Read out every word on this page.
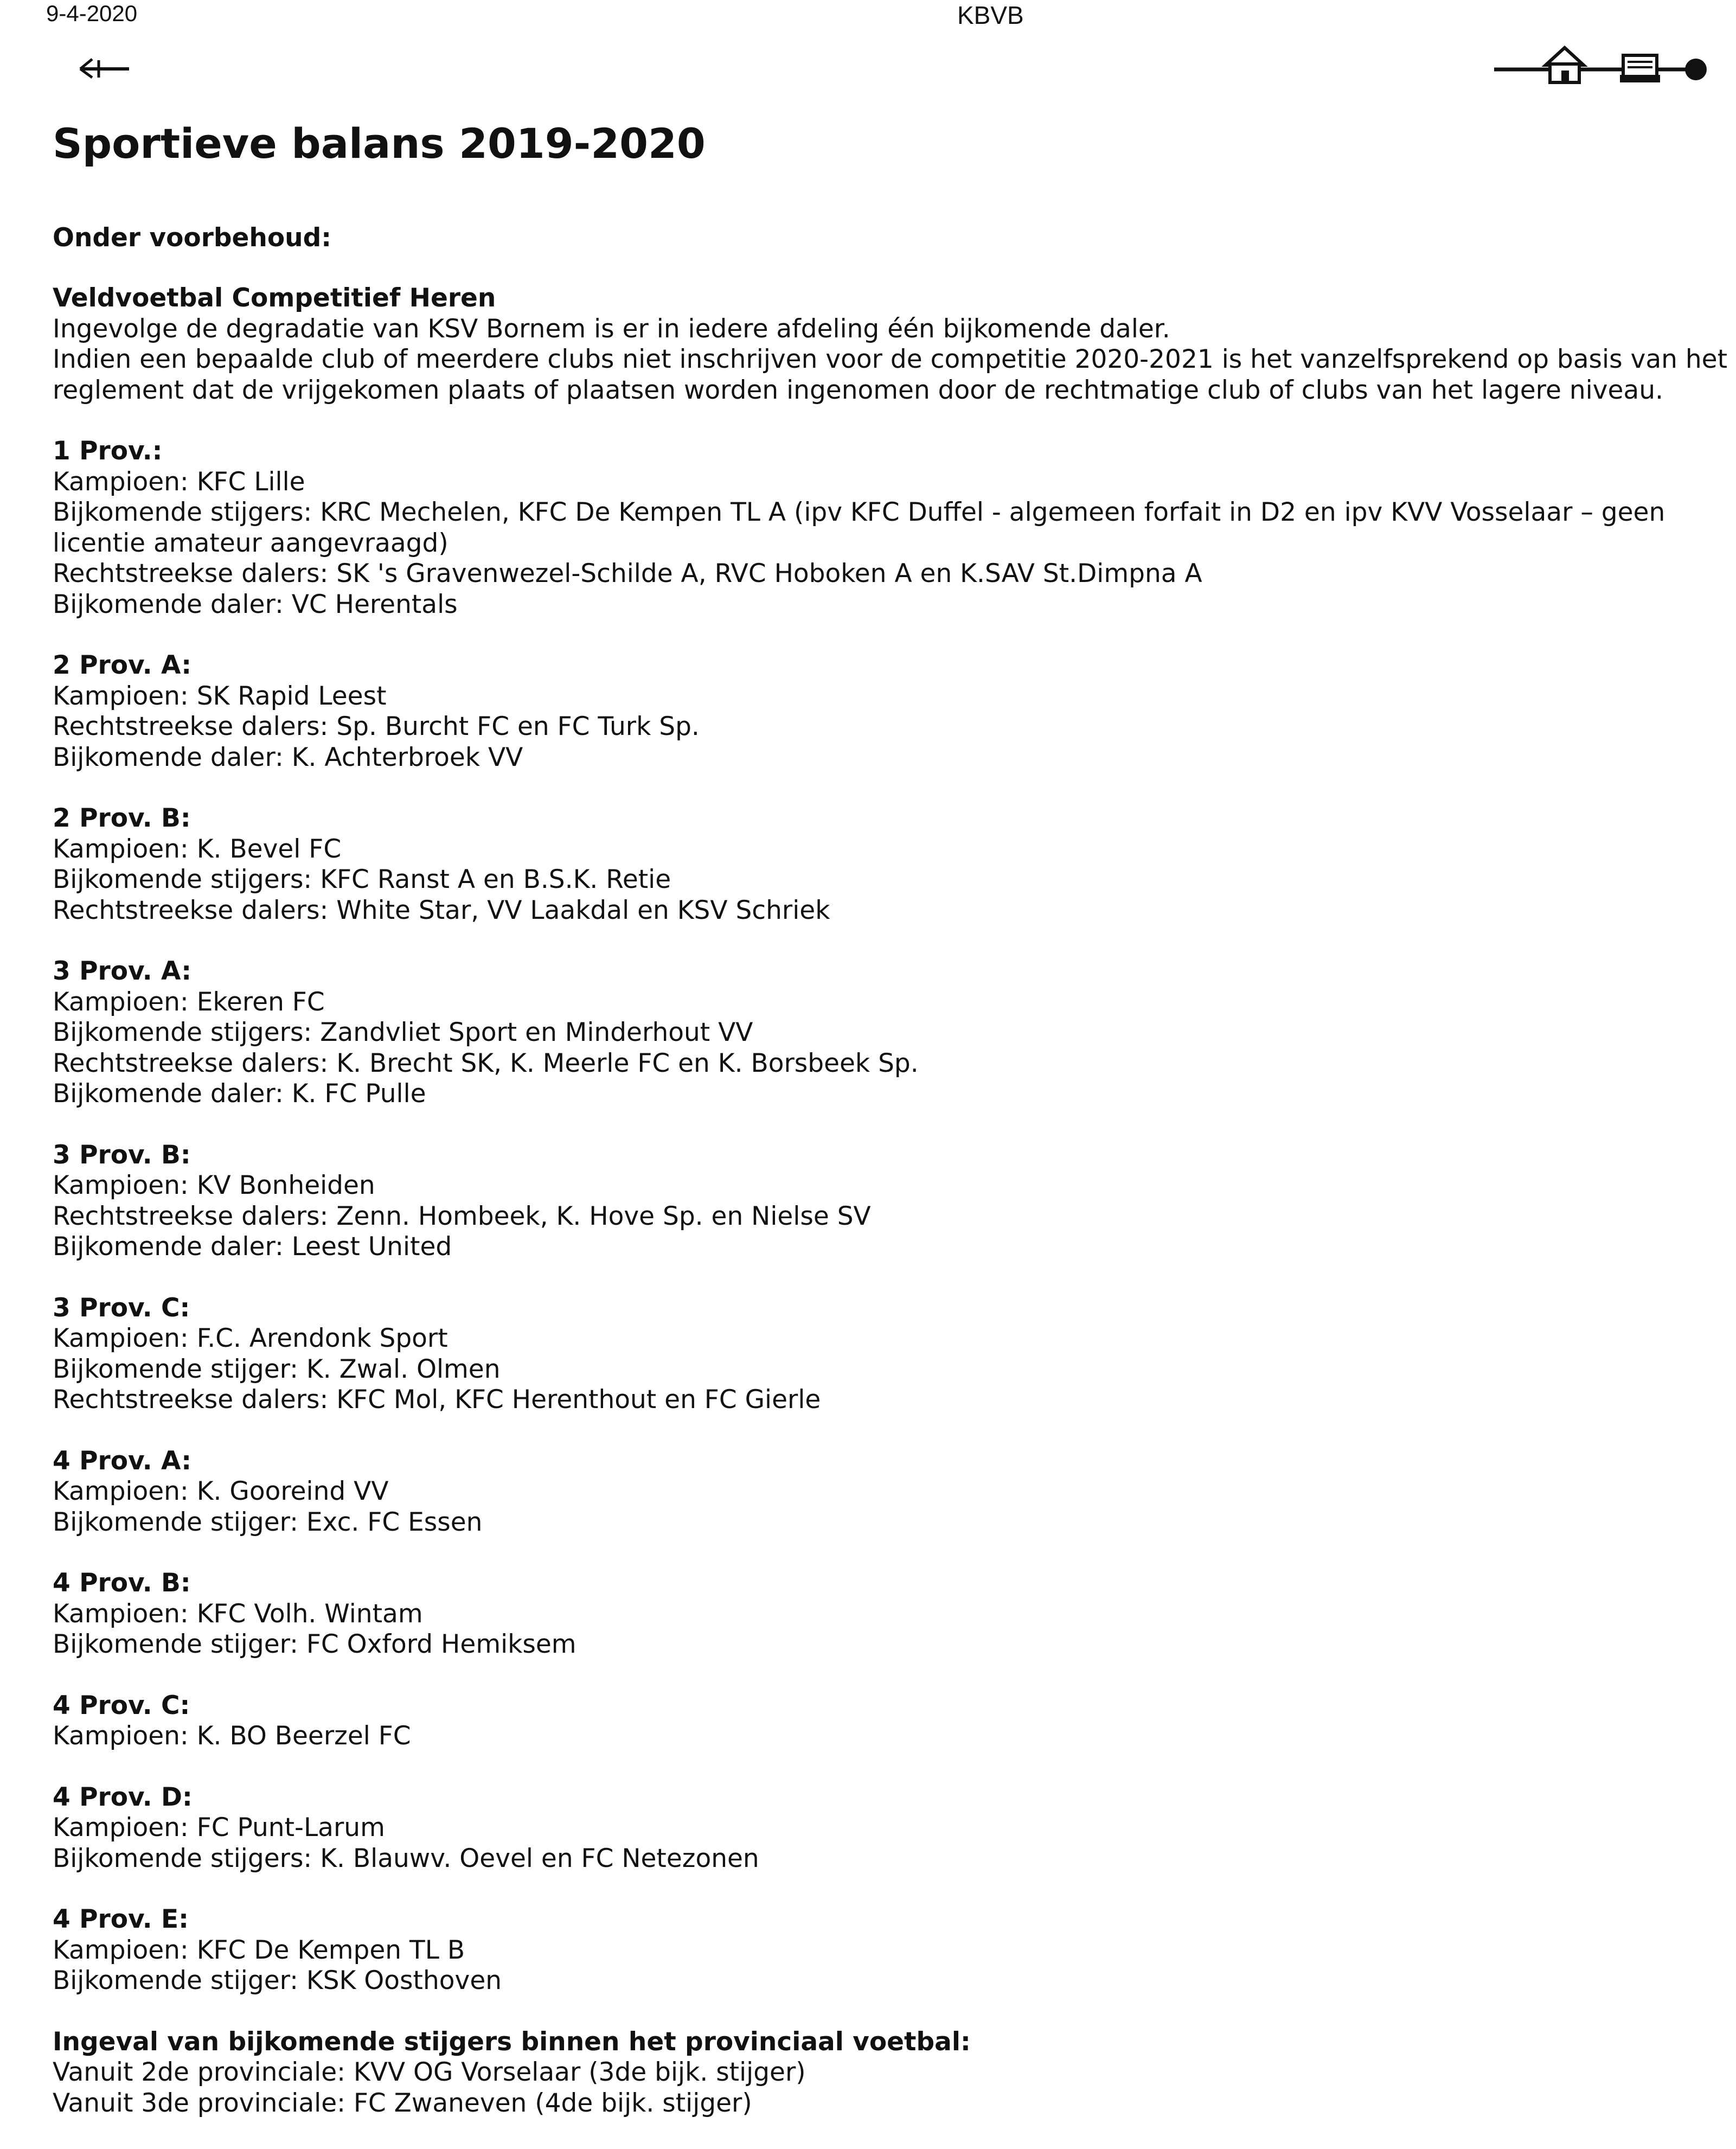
9-4-2020	KBVB
Sportieve balans 2019-2020
Onder voorbehoud:
Veldvoetbal Competitief Heren
Ingevolge de degradatie van KSV Bornem is er in iedere afdeling één bijkomende daler.
Indien een bepaalde club of meerdere clubs niet inschrijven voor de competitie 2020-2021 is het vanzelfsprekend op basis van het
reglement dat de vrijgekomen plaats of plaatsen worden ingenomen door de rechtmatige club of clubs van het lagere niveau.
1 Prov.:
Kampioen: KFC Lille
Bijkomende stijgers: KRC Mechelen, KFC De Kempen TL A (ipv KFC Duffel - algemeen forfait in D2 en ipv KVV Vosselaar – geen
licentie amateur aangevraagd)
Rechtstreekse dalers: SK 's Gravenwezel-Schilde A, RVC Hoboken A en K.SAV St.Dimpna A
Bijkomende daler: VC Herentals
2 Prov. A:
Kampioen: SK Rapid Leest
Rechtstreekse dalers: Sp. Burcht FC en FC Turk Sp.
Bijkomende daler: K. Achterbroek VV
2 Prov. B:
Kampioen: K. Bevel FC
Bijkomende stijgers: KFC Ranst A en B.S.K. Retie
Rechtstreekse dalers: White Star, VV Laakdal en KSV Schriek
3 Prov. A:
Kampioen: Ekeren FC
Bijkomende stijgers: Zandvliet Sport en Minderhout VV
Rechtstreekse dalers: K. Brecht SK, K. Meerle FC en K. Borsbeek Sp.
Bijkomende daler: K. FC Pulle
3 Prov. B:
Kampioen: KV Bonheiden
Rechtstreekse dalers: Zenn. Hombeek, K. Hove Sp. en Nielse SV
Bijkomende daler: Leest United
3 Prov. C:
Kampioen: F.C. Arendonk Sport
Bijkomende stijger: K. Zwal. Olmen
Rechtstreekse dalers: KFC Mol, KFC Herenthout en FC Gierle
4 Prov. A:
Kampioen: K. Gooreind VV
Bijkomende stijger: Exc. FC Essen
4 Prov. B:
Kampioen: KFC Volh. Wintam
Bijkomende stijger: FC Oxford Hemiksem
4 Prov. C:
Kampioen: K. BO Beerzel FC
4 Prov. D:
Kampioen: FC Punt-Larum
Bijkomende stijgers: K. Blauwv. Oevel en FC Netezonen
4 Prov. E:
Kampioen: KFC De Kempen TL B
Bijkomende stijger: KSK Oosthoven
Ingeval van bijkomende stijgers binnen het provinciaal voetbal:
Vanuit 2de provinciale: KVV OG Vorselaar (3de bijk. stijger)
Vanuit 3de provinciale: FC Zwaneven (4de bijk. stijger)
